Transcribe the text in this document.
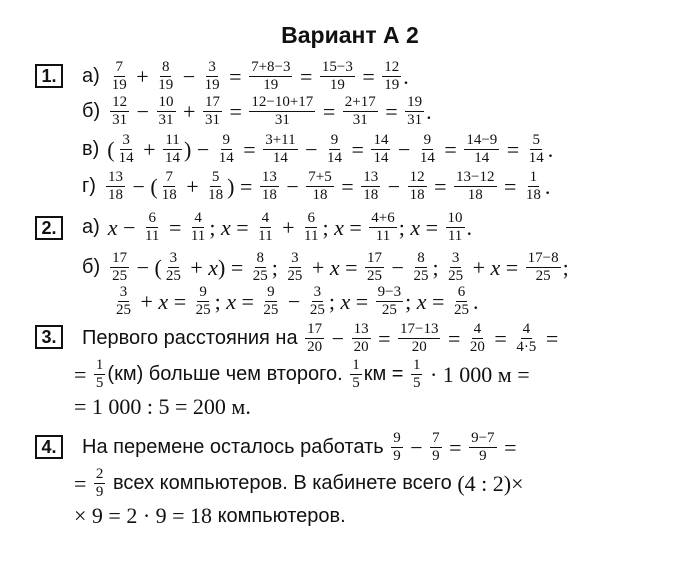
Вариант А 2
1.	$а) \frac{7}{19} + \frac{8}{19} - \frac{3}{19} = \frac{7+8-3}{19} = \frac{15-3}{19} = \frac{12}{19}$ .
$б) \frac{12}{31} - \frac{10}{31} + \frac{17}{31} = \frac{12-10+17}{31} = \frac{2+17}{31} = \frac{19}{31}$ .
в) ( $\frac{3}{14} + \frac{11}{14}$ ) − $\frac{9}{14} = \frac{3+11}{14} - \frac{9}{14} = \frac{14}{14} - \frac{9}{14} = \frac{14-9}{14} = \frac{5}{14}$ .
$г) \frac{13}{18}$ − ( $\frac{7}{18} + \frac{5}{18}$ ) = $\frac{13}{18} - \frac{7+5}{18} = \frac{13}{18} - \frac{12}{18} = \frac{13-12}{18} = \frac{1}{18}$ .
2.	а) $x - \frac{6}{11} = \frac{4}{11}$ ; $x = \frac{4}{11} + \frac{6}{11}$ ; $x = \frac{4+6}{11}$ ; $x = \frac{10}{11}$ .
$б) \frac{17}{25}$ − ( $\frac{3}{25} + x$ ) = $\frac{8}{25}$ ; $\frac{3}{25} + x = \frac{17}{25} - \frac{8}{25}$ ; $\frac{3}{25} + x = \frac{17-8}{25}$ ;
$\frac{3}{25} + x = \frac{9}{25}$ ; $x = \frac{9}{25} - \frac{3}{25}$ ; $x = \frac{9-3}{25}$ ; $x = \frac{6}{25}$ .
3.	Первого расстояния на $\frac{17}{20} - \frac{13}{20} = \frac{17-13}{20} = \frac{4}{20} = \frac{4}{4\cdot 5}$ =
= $\frac{1}{5} (км)$ больше чем второго. $\frac{1}{5}$ км = $\frac{1}{5} \cdot 1$ 000 м =
= 1 000 : 5 = 200 м.
4.	На перемене осталось работать $\frac{9}{9} - \frac{7}{9} = \frac{9-7}{9}$ =
= $\frac{2}{9}$ всех компьютеров. В кабинете всего (4 : 2)×
× 9 = 2 · 9 = 18 компьютеров.
